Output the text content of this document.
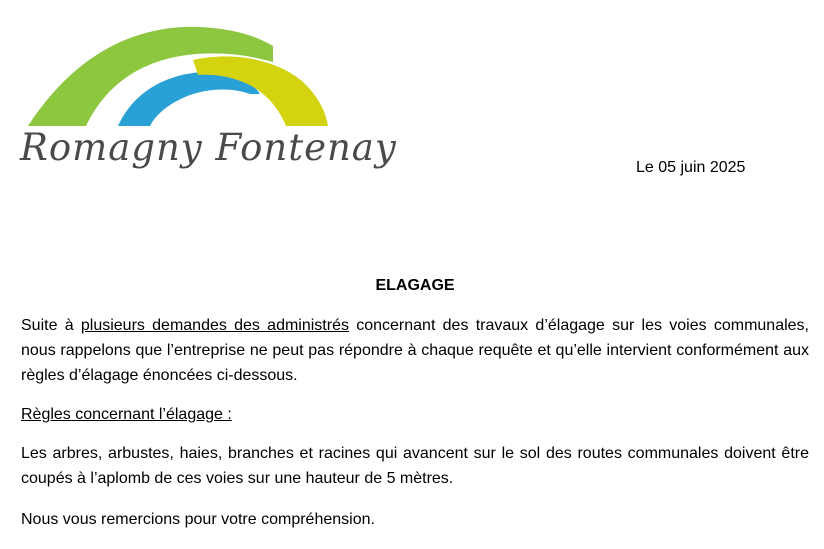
Romagny Fontenay	Le 05 juin 2025
ELAGAGE
Suite à plusieurs demandes des administrés concernant des travaux d’élagage sur les voies communales, nous rappelons que l’entreprise ne peut pas répondre à chaque requête et qu’elle intervient conformément aux règles d’élagage énoncées ci-dessous.
Règles concernant l’élagage :
Les arbres, arbustes, haies, branches et racines qui avancent sur le sol des routes communales doivent être coupés à l’aplomb de ces voies sur une hauteur de 5 mètres.
Nous vous remercions pour votre compréhension.
